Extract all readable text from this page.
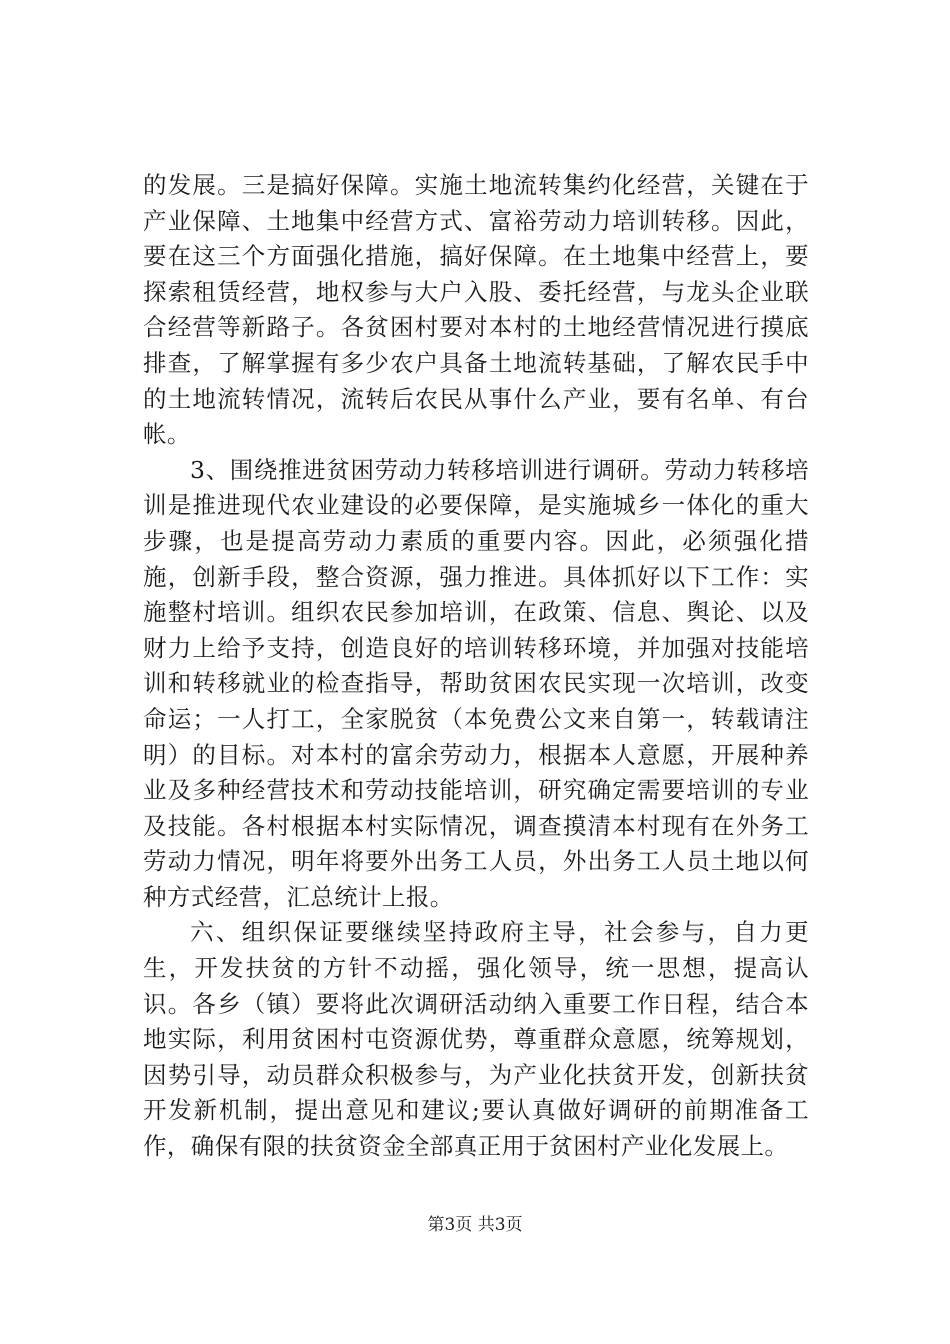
的发展。三是搞好保障。实施土地流转集约化经营，关键在于产业保障、土地集中经营方式、富裕劳动力培训转移。因此，要在这三个方面强化措施，搞好保障。在土地集中经营上，要探索租赁经营，地权参与大户入股、委托经营，与龙头企业联合经营等新路子。各贫困村要对本村的土地经营情况进行摸底排查，了解掌握有多少农户具备土地流转基础，了解农民手中的土地流转情况，流转后农民从事什么产业，要有名单、有台帐。

3、围绕推进贫困劳动力转移培训进行调研。劳动力转移培训是推进现代农业建设的必要保障，是实施城乡一体化的重大步骤，也是提高劳动力素质的重要内容。因此，必须强化措施，创新手段，整合资源，强力推进。具体抓好以下工作：实施整村培训。组织农民参加培训，在政策、信息、舆论、以及财力上给予支持，创造良好的培训转移环境，并加强对技能培训和转移就业的检查指导，帮助贫困农民实现一次培训，改变命运；一人打工，全家脱贫（本免费公文来自第一，转载请注明）的目标。对本村的富余劳动力，根据本人意愿，开展种养业及多种经营技术和劳动技能培训，研究确定需要培训的专业及技能。各村根据本村实际情况，调查摸清本村现有在外务工劳动力情况，明年将要外出务工人员，外出务工人员土地以何种方式经营，汇总统计上报。

六、组织保证要继续坚持政府主导，社会参与，自力更生，开发扶贫的方针不动摇，强化领导，统一思想，提高认识。各乡（镇）要将此次调研活动纳入重要工作日程，结合本地实际，利用贫困村屯资源优势，尊重群众意愿，统筹规划，因势引导，动员群众积极参与，为产业化扶贫开发，创新扶贫开发新机制，提出意见和建议;要认真做好调研的前期准备工作，确保有限的扶贫资金全部真正用于贫困村产业化发展上。

第3页 共3页
